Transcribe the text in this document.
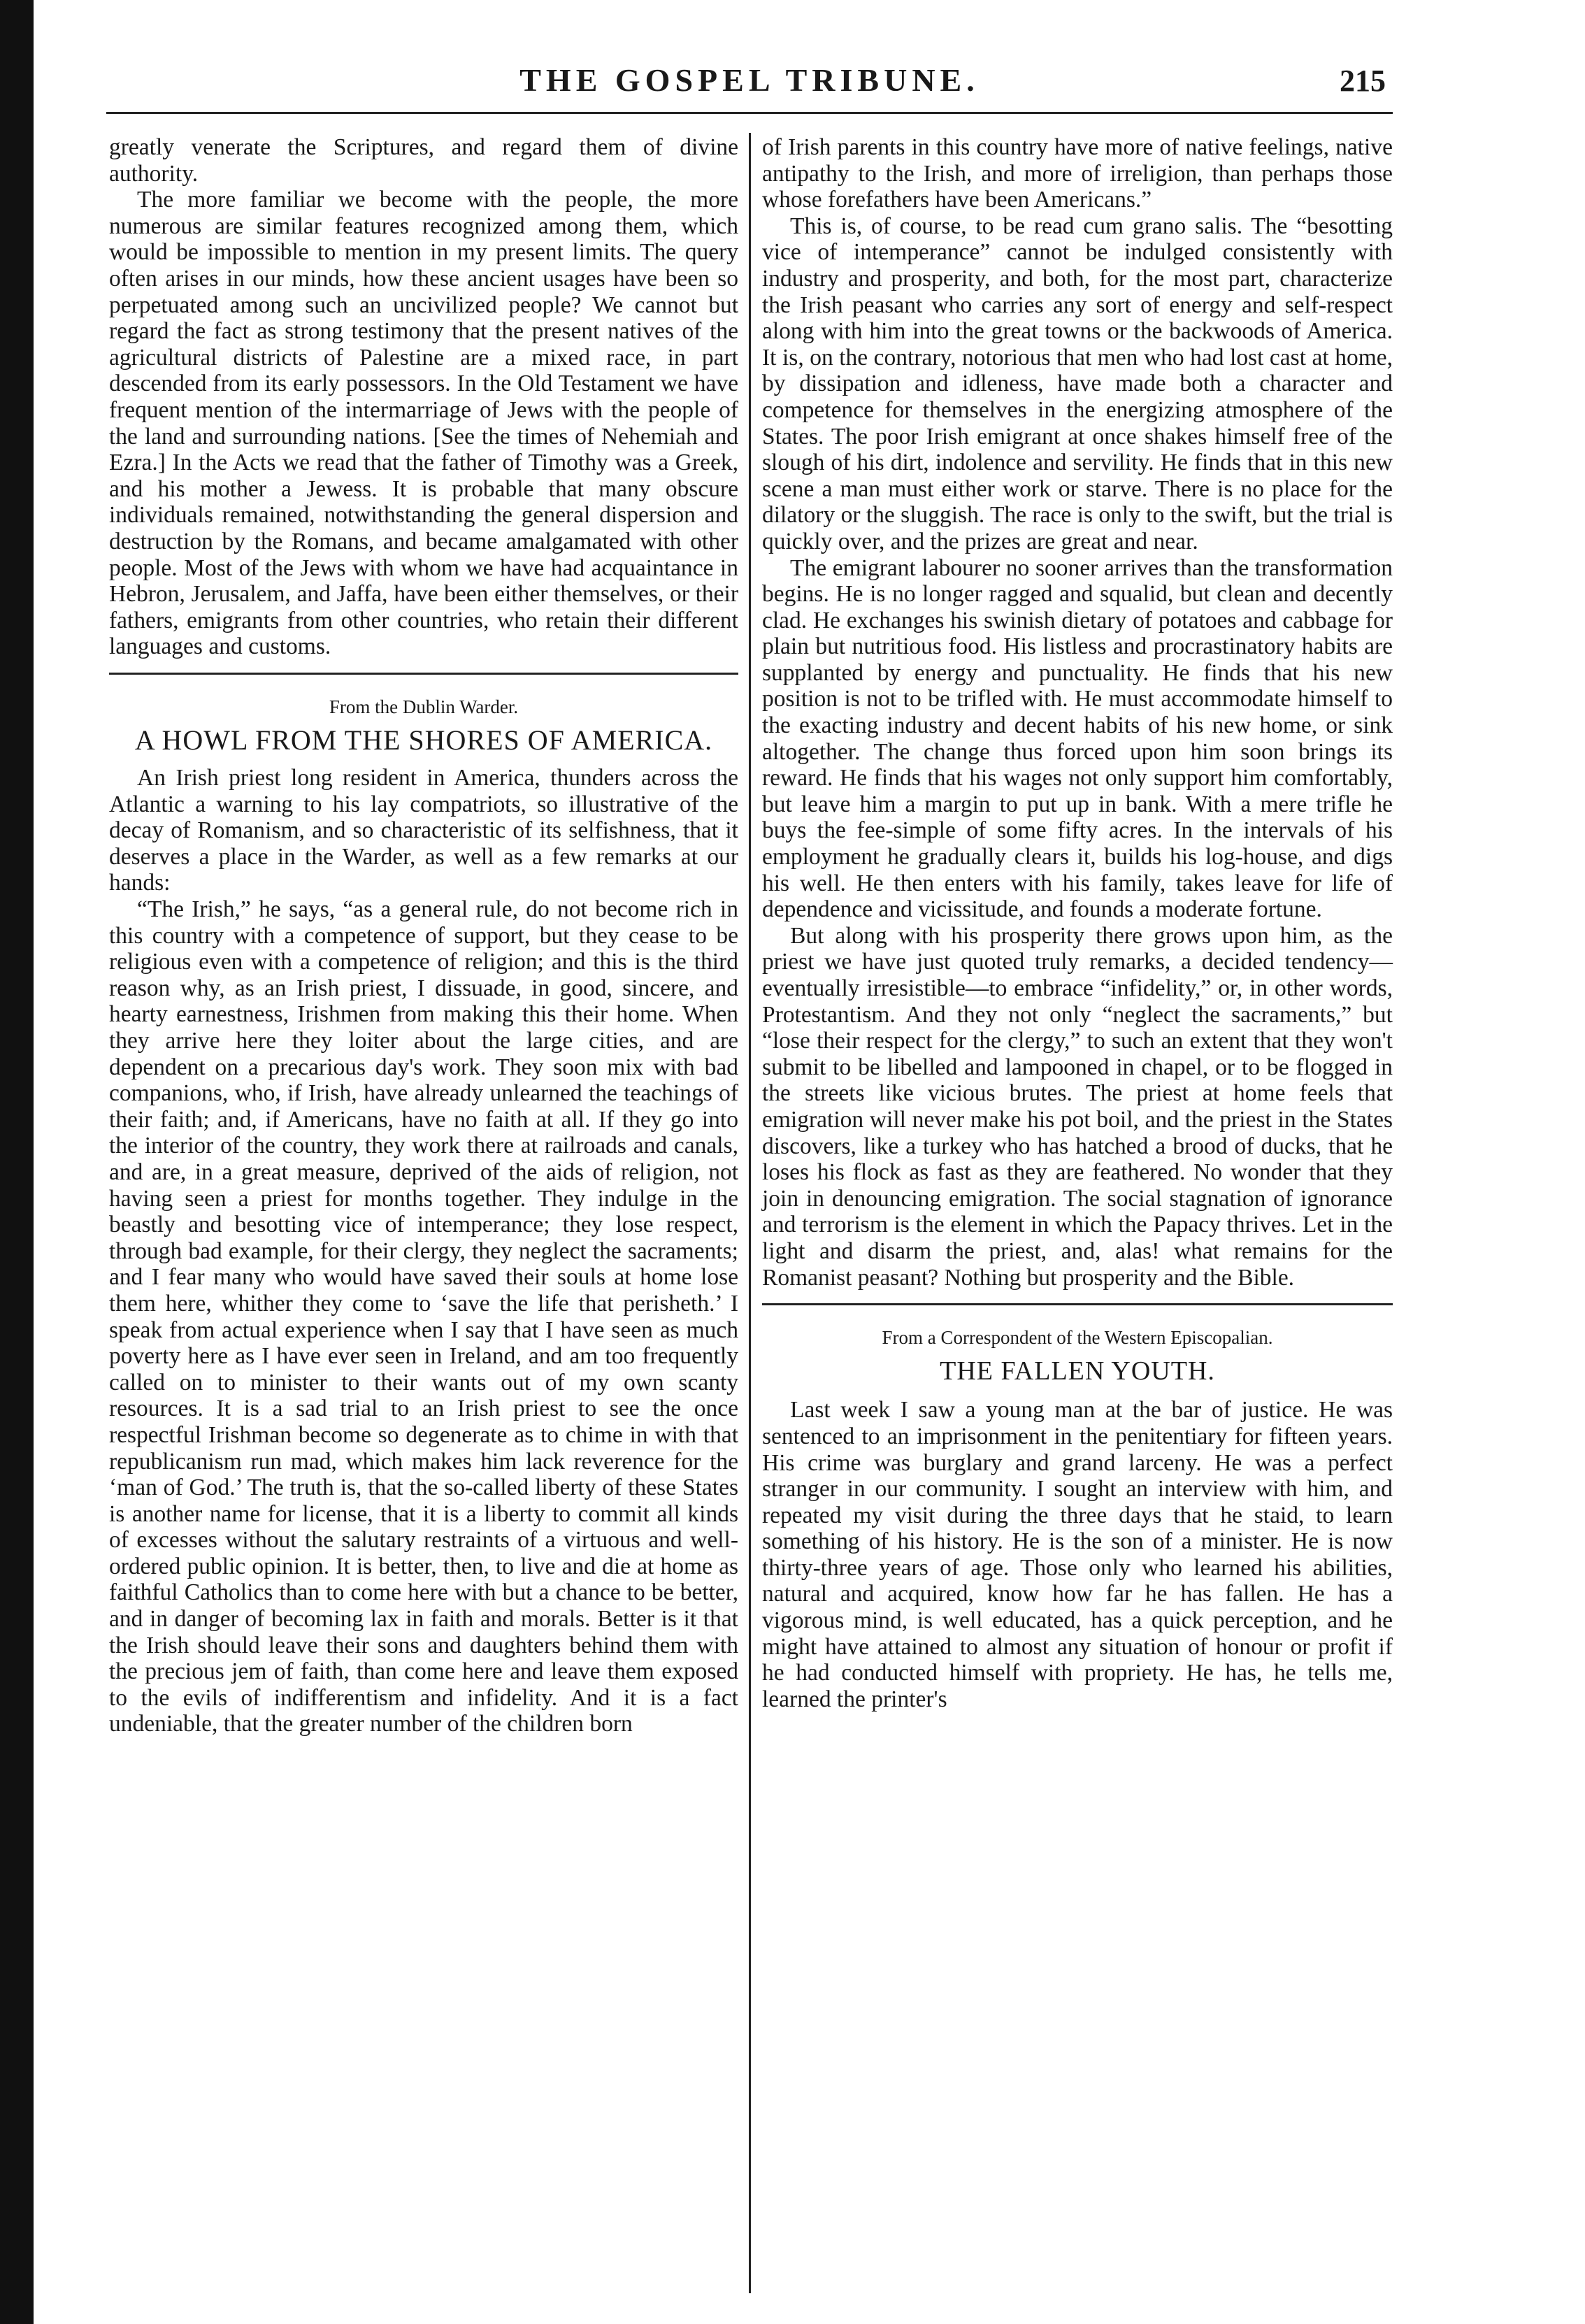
THE GOSPEL TRIBUNE.	215

greatly venerate the Scriptures, and regard them of divine authority.

The more familiar we become with the people, the more numerous are similar features recognized among them, which would be impossible to mention in my present limits. The query often arises in our minds, how these ancient usages have been so perpetuated among such an uncivilized people? We cannot but regard the fact as strong testimony that the present natives of the agricultural districts of Palestine are a mixed race, in part descended from its early possessors. In the Old Testament we have frequent mention of the intermarriage of Jews with the people of the land and surrounding nations. [See the times of Nehemiah and Ezra.] In the Acts we read that the father of Timothy was a Greek, and his mother a Jewess. It is probable that many obscure individuals remained, notwithstanding the general dispersion and destruction by the Romans, and became amalgamated with other people. Most of the Jews with whom we have had acquaintance in Hebron, Jerusalem, and Jaffa, have been either themselves, or their fathers, emigrants from other countries, who retain their different languages and customs.

From the Dublin Warder.
A HOWL FROM THE SHORES OF AMERICA.

An Irish priest long resident in America, thunders across the Atlantic a warning to his lay compatriots, so illustrative of the decay of Romanism, and so characteristic of its selfishness, that it deserves a place in the Warder, as well as a few remarks at our hands:

“The Irish,” he says, “as a general rule, do not become rich in this country with a competence of support, but they cease to be religious even with a competence of religion; and this is the third reason why, as an Irish priest, I dissuade, in good, sincere, and hearty earnestness, Irishmen from making this their home. When they arrive here they loiter about the large cities, and are dependent on a precarious day's work. They soon mix with bad companions, who, if Irish, have already unlearned the teachings of their faith; and, if Americans, have no faith at all. If they go into the interior of the country, they work there at railroads and canals, and are, in a great measure, deprived of the aids of religion, not having seen a priest for months together. They indulge in the beastly and besotting vice of intemperance; they lose respect, through bad example, for their clergy, they neglect the sacraments; and I fear many who would have saved their souls at home lose them here, whither they come to ‘save the life that perisheth.’ I speak from actual experience when I say that I have seen as much poverty here as I have ever seen in Ireland, and am too frequently called on to minister to their wants out of my own scanty resources. It is a sad trial to an Irish priest to see the once respectful Irishman become so degenerate as to chime in with that republicanism run mad, which makes him lack reverence for the ‘man of God.’ The truth is, that the so-called liberty of these States is another name for license, that it is a liberty to commit all kinds of excesses without the salutary restraints of a virtuous and well-ordered public opinion. It is better, then, to live and die at home as faithful Catholics than to come here with but a chance to be better, and in danger of becoming lax in faith and morals. Better is it that the Irish should leave their sons and daughters behind them with the precious jem of faith, than come here and leave them exposed to the evils of indifferentism and infidelity. And it is a fact undeniable, that the greater number of the children born

of Irish parents in this country have more of native feelings, native antipathy to the Irish, and more of irreligion, than perhaps those whose forefathers have been Americans.”

This is, of course, to be read cum grano salis. The “besotting vice of intemperance” cannot be indulged consistently with industry and prosperity, and both, for the most part, characterize the Irish peasant who carries any sort of energy and self-respect along with him into the great towns or the backwoods of America. It is, on the contrary, notorious that men who had lost cast at home, by dissipation and idleness, have made both a character and competence for themselves in the energizing atmosphere of the States. The poor Irish emigrant at once shakes himself free of the slough of his dirt, indolence and servility. He finds that in this new scene a man must either work or starve. There is no place for the dilatory or the sluggish. The race is only to the swift, but the trial is quickly over, and the prizes are great and near.

The emigrant labourer no sooner arrives than the transformation begins. He is no longer ragged and squalid, but clean and decently clad. He exchanges his swinish dietary of potatoes and cabbage for plain but nutritious food. His listless and procrastinatory habits are supplanted by energy and punctuality. He finds that his new position is not to be trifled with. He must accommodate himself to the exacting industry and decent habits of his new home, or sink altogether. The change thus forced upon him soon brings its reward. He finds that his wages not only support him comfortably, but leave him a margin to put up in bank. With a mere trifle he buys the fee-simple of some fifty acres. In the intervals of his employment he gradually clears it, builds his log-house, and digs his well. He then enters with his family, takes leave for life of dependence and vicissitude, and founds a moderate fortune.

But along with his prosperity there grows upon him, as the priest we have just quoted truly remarks, a decided tendency—eventually irresistible—to embrace “infidelity,” or, in other words, Protestantism. And they not only “neglect the sacraments,” but “lose their respect for the clergy,” to such an extent that they won't submit to be libelled and lampooned in chapel, or to be flogged in the streets like vicious brutes. The priest at home feels that emigration will never make his pot boil, and the priest in the States discovers, like a turkey who has hatched a brood of ducks, that he loses his flock as fast as they are feathered. No wonder that they join in denouncing emigration. The social stagnation of ignorance and terrorism is the element in which the Papacy thrives. Let in the light and disarm the priest, and, alas! what remains for the Romanist peasant? Nothing but prosperity and the Bible.

From a Correspondent of the Western Episcopalian.
THE FALLEN YOUTH.

Last week I saw a young man at the bar of justice. He was sentenced to an imprisonment in the penitentiary for fifteen years. His crime was burglary and grand larceny. He was a perfect stranger in our community. I sought an interview with him, and repeated my visit during the three days that he staid, to learn something of his history. He is the son of a minister. He is now thirty-three years of age. Those only who learned his abilities, natural and acquired, know how far he has fallen. He has a vigorous mind, is well educated, has a quick perception, and he might have attained to almost any situation of honour or profit if he had conducted himself with propriety. He has, he tells me, learned the printer's
